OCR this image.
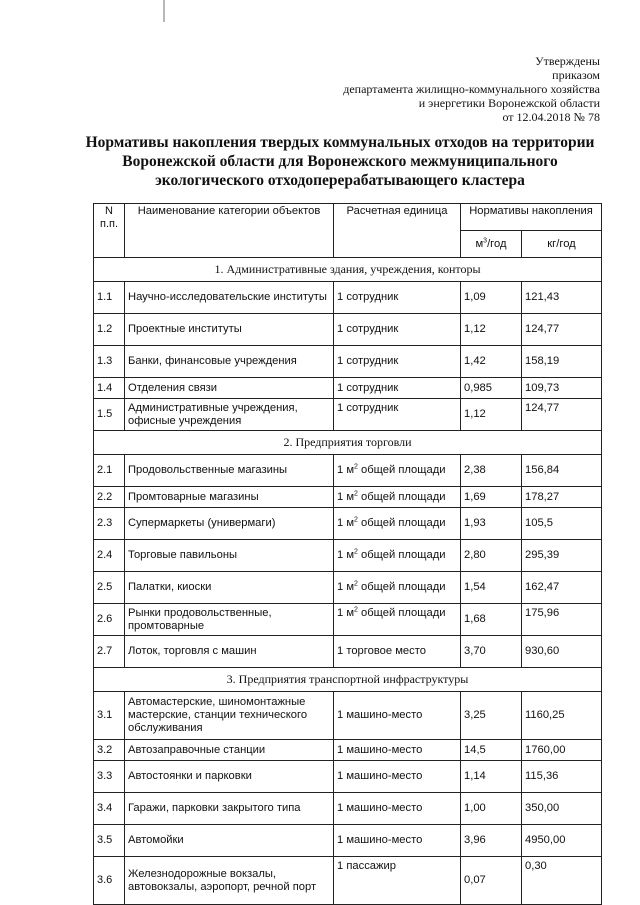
Утверждены
приказом
департамента жилищно-коммунального хозяйства
и энергетики Воронежской области
от 12.04.2018 № 78
Нормативы накопления твердых коммунальных отходов на территории
Воронежской области для Воронежского межмуниципального
экологического отходоперерабатывающего кластера
N п.п.	Наименование категории объектов	Расчетная единица	Нормативы накопления	
			$м^3$/год	кг/год
1. Административные здания, учреждения, конторы				
1.1	Научно-исследовательские институты	1 сотрудник	1,09	121,43
1.2	Проектные институты	1 сотрудник	1,12	124,77
1.3	Банки, финансовые учреждения	1 сотрудник	1,42	158,19
1.4	Отделения связи	1 сотрудник	0,985	109,73
1.5	Административные учреждения, офисные учреждения	1 сотрудник	1,12	124,77
2. Предприятия торговли				
2.1	Продовольственные магазины	1 $м^2$ общей площади	2,38	156,84
2.2	Промтоварные магазины	1 $м^2$ общей площади	1,69	178,27
2.3	Супермаркеты (универмаги)	1 $м^2$ общей площади	1,93	105,5
2.4	Торговые павильоны	1 $м^2$ общей площади	2,80	295,39
2.5	Палатки, киоски	1 $м^2$ общей площади	1,54	162,47
2.6	Рынки продовольственные, промтоварные	1 $м^2$ общей площади	1,68	175,96
2.7	Лоток, торговля с машин	1 торговое место	3,70	930,60
3. Предприятия транспортной инфраструктуры				
3.1	Автомастерские, шиномонтажные мастерские, станции технического обслуживания	1 машино-место	3,25	1160,25
3.2	Автозаправочные станции	1 машино-место	14,5	1760,00
3.3	Автостоянки и парковки	1 машино-место	1,14	115,36
3.4	Гаражи, парковки закрытого типа	1 машино-место	1,00	350,00
3.5	Автомойки	1 машино-место	3,96	4950,00
3.6	Железнодорожные вокзалы, автовокзалы, аэропорт, речной порт	1 пассажир	0,07	0,30
